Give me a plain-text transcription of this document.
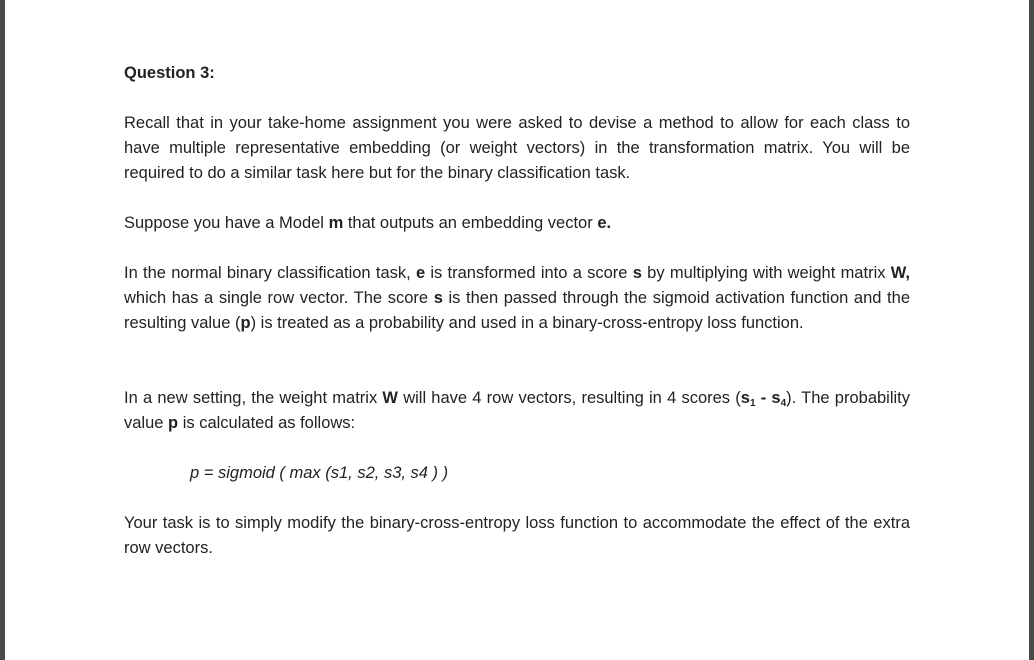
Question 3:

Recall that in your take-home assignment you were asked to devise a method to allow for each class to have multiple representative embedding (or weight vectors) in the transformation matrix. You will be required to do a similar task here but for the binary classification task.

Suppose you have a Model m that outputs an embedding vector e.

In the normal binary classification task, e is transformed into a score s by multiplying with weight matrix W, which has a single row vector. The score s is then passed through the sigmoid activation function and the resulting value (p) is treated as a probability and used in a binary-cross-entropy loss function.

In a new setting, the weight matrix W will have 4 row vectors, resulting in 4 scores $(s_1 - s_4)$. The probability value p is calculated as follows:

p = sigmoid ( max (s1, s2, s3, s4 ) )

Your task is to simply modify the binary-cross-entropy loss function to accommodate the effect of the extra row vectors.
